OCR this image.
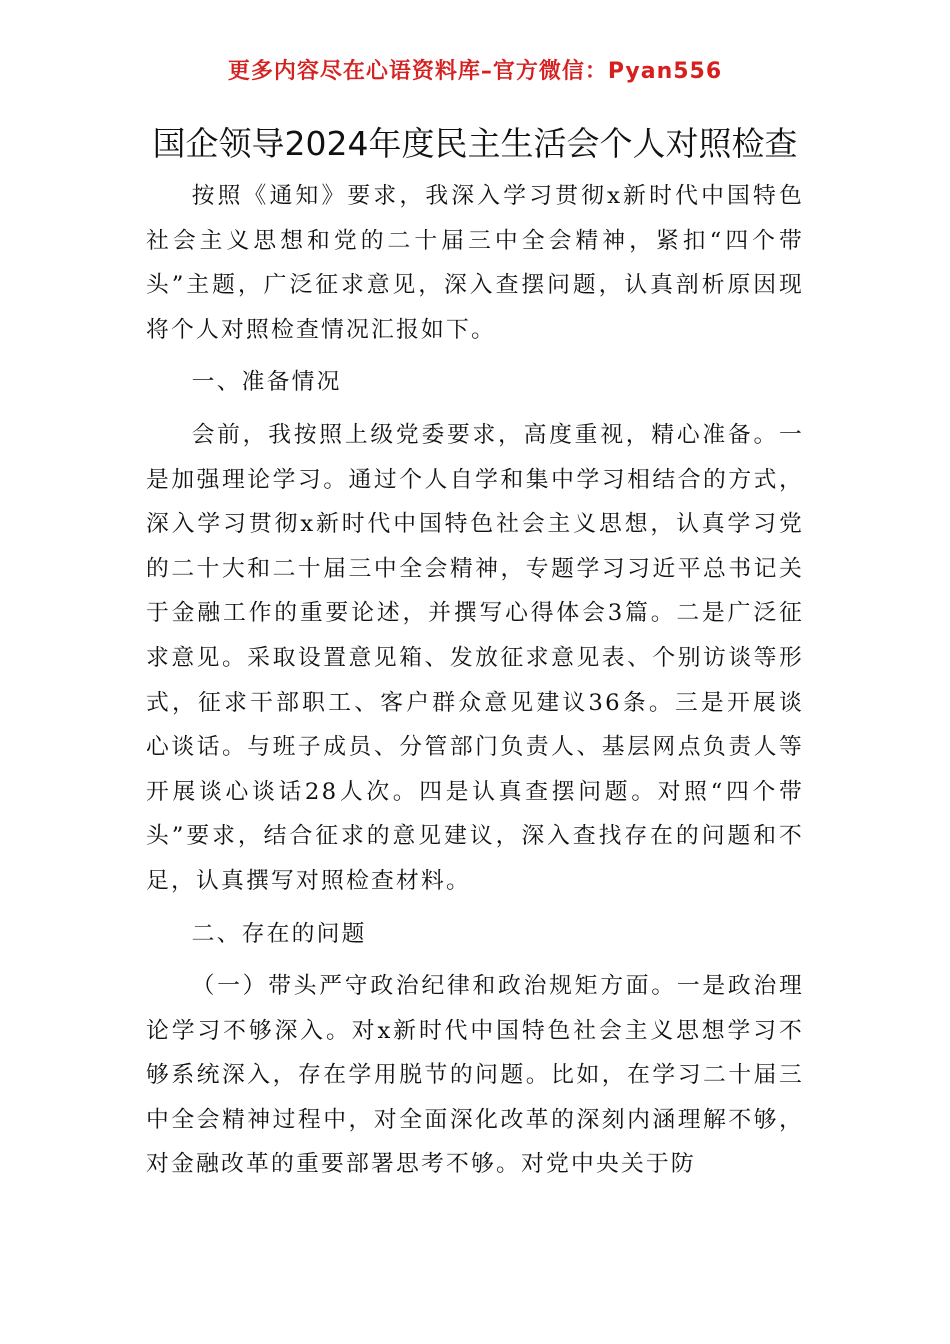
更多内容尽在心语资料库–官方微信：Pyan556
国企领导2024年度民主生活会个人对照检查

按照《通知》要求，我深入学习贯彻x新时代中国特色社会主义思想和党的二十届三中全会精神，紧扣“四个带头”主题，广泛征求意见，深入查摆问题，认真剖析原因现将个人对照检查情况汇报如下。

一、准备情况

会前，我按照上级党委要求，高度重视，精心准备。一是加强理论学习。通过个人自学和集中学习相结合的方式，深入学习贯彻x新时代中国特色社会主义思想，认真学习党的二十大和二十届三中全会精神，专题学习习近平总书记关于金融工作的重要论述，并撰写心得体会3篇。二是广泛征求意见。采取设置意见箱、发放征求意见表、个别访谈等形式，征求干部职工、客户群众意见建议36条。三是开展谈心谈话。与班子成员、分管部门负责人、基层网点负责人等开展谈心谈话28人次。四是认真查摆问题。对照“四个带头”要求，结合征求的意见建议，深入查找存在的问题和不足，认真撰写对照检查材料。

二、存在的问题

（一）带头严守政治纪律和政治规矩方面。一是政治理论学习不够深入。对x新时代中国特色社会主义思想学习不够系统深入，存在学用脱节的问题。比如，在学习二十届三中全会精神过程中，对全面深化改革的深刻内涵理解不够，对金融改革的重要部署思考不够。对党中央关于防
